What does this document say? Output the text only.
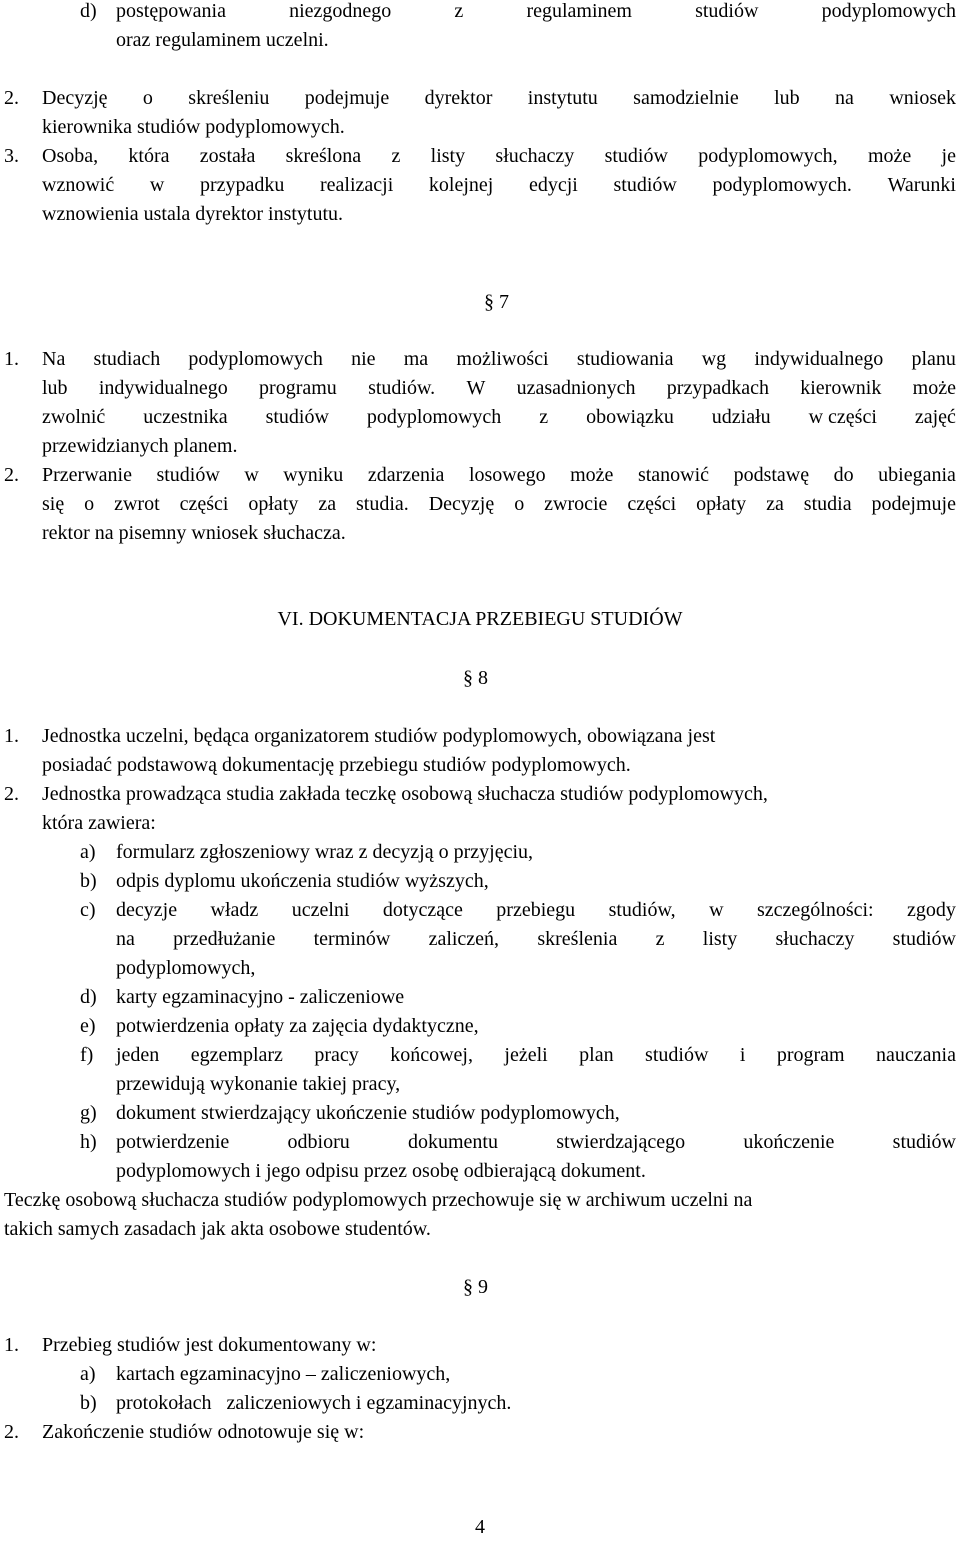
d) postępowania	niezgodnego	z	regulaminem	studiów	podyplomowych
oraz regulaminem uczelni.
2. Decyzję o skreśleniu podejmuje dyrektor instytutu samodzielnie lub na wniosek
kierownika studiów podyplomowych.
3. Osoba, która została skreślona z listy słuchaczy studiów podyplomowych, może je
wznowić w przypadku realizacji kolejnej edycji studiów podyplomowych. Warunki
wznowienia ustala dyrektor instytutu.
§ 7
1. Na studiach podyplomowych nie ma możliwości studiowania wg indywidualnego planu
lub indywidualnego programu studiów. W uzasadnionych przypadkach kierownik może
zwolnić uczestnika studiów podyplomowych z obowiązku udziału w części zajęć
przewidzianych planem.
2. Przerwanie studiów w wyniku zdarzenia losowego może stanowić podstawę do ubiegania
się o zwrot części opłaty za studia. Decyzję o zwrocie części opłaty za studia podejmuje
rektor na pisemny wniosek słuchacza.
VI. DOKUMENTACJA PRZEBIEGU STUDIÓW
§ 8
1. Jednostka uczelni, będąca organizatorem studiów podyplomowych, obowiązana jest
posiadać podstawową dokumentację przebiegu studiów podyplomowych.
2. Jednostka prowadząca studia zakłada teczkę osobową słuchacza studiów podyplomowych,
która zawiera:
a) formularz zgłoszeniowy wraz z decyzją o przyjęciu,
b) odpis dyplomu ukończenia studiów wyższych,
c) decyzje władz uczelni dotyczące przebiegu studiów, w szczególności: zgody
na przedłużanie terminów zaliczeń, skreślenia z listy słuchaczy studiów
podyplomowych,
d) karty egzaminacyjno - zaliczeniowe
e) potwierdzenia opłaty za zajęcia dydaktyczne,
f) jeden egzemplarz pracy końcowej, jeżeli plan studiów i program nauczania
przewidują wykonanie takiej pracy,
g) dokument stwierdzający ukończenie studiów podyplomowych,
h) potwierdzenie	odbioru	dokumentu	stwierdzającego	ukończenie	studiów
podyplomowych i jego odpisu przez osobę odbierającą dokument.
Teczkę osobową słuchacza studiów podyplomowych przechowuje się w archiwum uczelni na
takich samych zasadach jak akta osobowe studentów.
§ 9
1. Przebieg studiów jest dokumentowany w:
a) kartach egzaminacyjno – zaliczeniowych,
b) protokołach   zaliczeniowych i egzaminacyjnych.
2. Zakończenie studiów odnotowuje się w:
4
